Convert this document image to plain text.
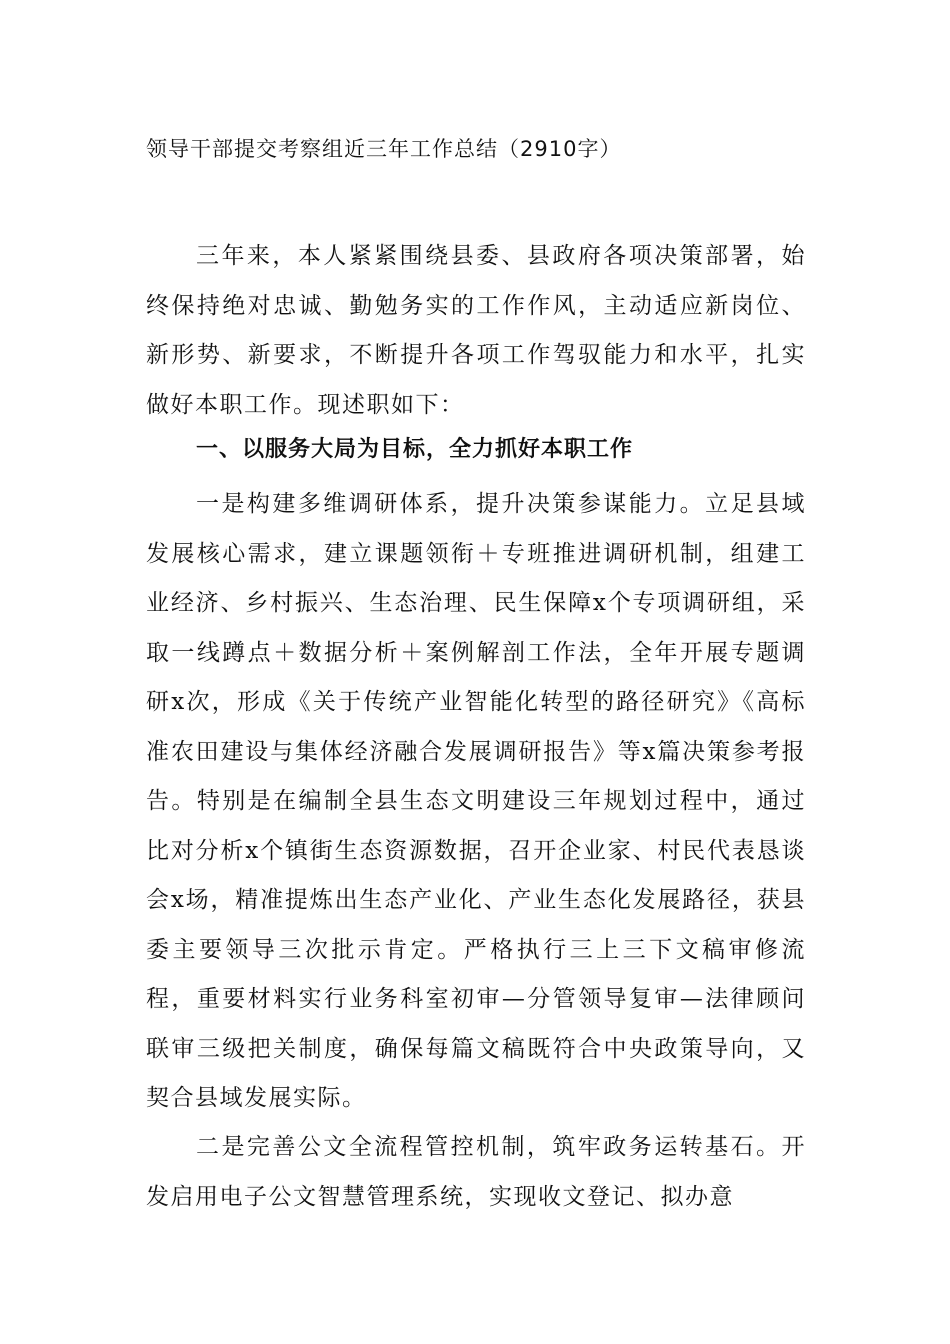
领导干部提交考察组近三年工作总结（2910字）

三年来，本人紧紧围绕县委、县政府各项决策部署，始终保持绝对忠诚、勤勉务实的工作作风，主动适应新岗位、新形势、新要求，不断提升各项工作驾驭能力和水平，扎实做好本职工作。现述职如下：

一、以服务大局为目标，全力抓好本职工作

一是构建多维调研体系，提升决策参谋能力。立足县域发展核心需求，建立课题领衔＋专班推进调研机制，组建工业经济、乡村振兴、生态治理、民生保障x个专项调研组，采取一线蹲点＋数据分析＋案例解剖工作法，全年开展专题调研x次，形成《关于传统产业智能化转型的路径研究》《高标准农田建设与集体经济融合发展调研报告》等x篇决策参考报告。特别是在编制全县生态文明建设三年规划过程中，通过比对分析x个镇街生态资源数据，召开企业家、村民代表恳谈会x场，精准提炼出生态产业化、产业生态化发展路径，获县委主要领导三次批示肯定。严格执行三上三下文稿审修流程，重要材料实行业务科室初审—分管领导复审—法律顾问联审三级把关制度，确保每篇文稿既符合中央政策导向，又契合县域发展实际。

二是完善公文全流程管控机制，筑牢政务运转基石。开发启用电子公文智慧管理系统，实现收文登记、拟办意
